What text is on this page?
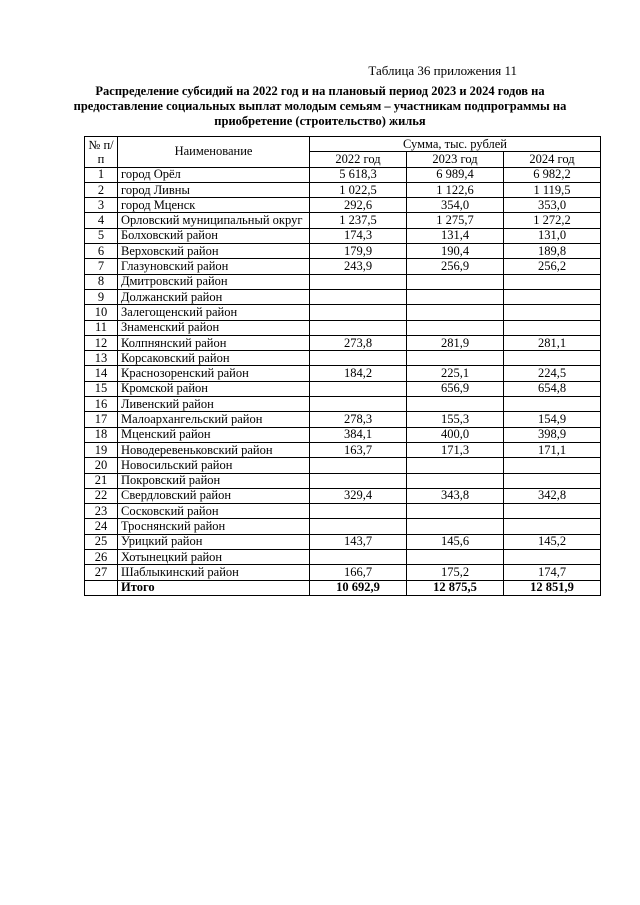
Таблица 36 приложения 11
Распределение субсидий на 2022 год и на плановый период 2023 и 2024 годов на предоставление социальных выплат молодым семьям – участникам подпрограммы на приобретение (строительство) жилья
№ п/п	Наименование	Сумма, тыс. рублей		
		2022 год	2023 год	2024 год
1	город Орёл	5 618,3	6 989,4	6 982,2
2	город Ливны	1 022,5	1 122,6	1 119,5
3	город Мценск	292,6	354,0	353,0
4	Орловский муниципальный округ	1 237,5	1 275,7	1 272,2
5	Болховский район	174,3	131,4	131,0
6	Верховский район	179,9	190,4	189,8
7	Глазуновский район	243,9	256,9	256,2
8	Дмитровский район			
9	Должанский район			
10	Залегощенский район			
11	Знаменский район			
12	Колпнянский район	273,8	281,9	281,1
13	Корсаковский район			
14	Краснозоренский район	184,2	225,1	224,5
15	Кромской район		656,9	654,8
16	Ливенский район			
17	Малоархангельский район	278,3	155,3	154,9
18	Мценский район	384,1	400,0	398,9
19	Новодеревеньковский район	163,7	171,3	171,1
20	Новосильский район			
21	Покровский район			
22	Свердловский район	329,4	343,8	342,8
23	Сосковский район			
24	Троснянский район			
25	Урицкий район	143,7	145,6	145,2
26	Хотынецкий район			
27	Шаблыкинский район	166,7	175,2	174,7
	Итого	10 692,9	12 875,5	12 851,9
